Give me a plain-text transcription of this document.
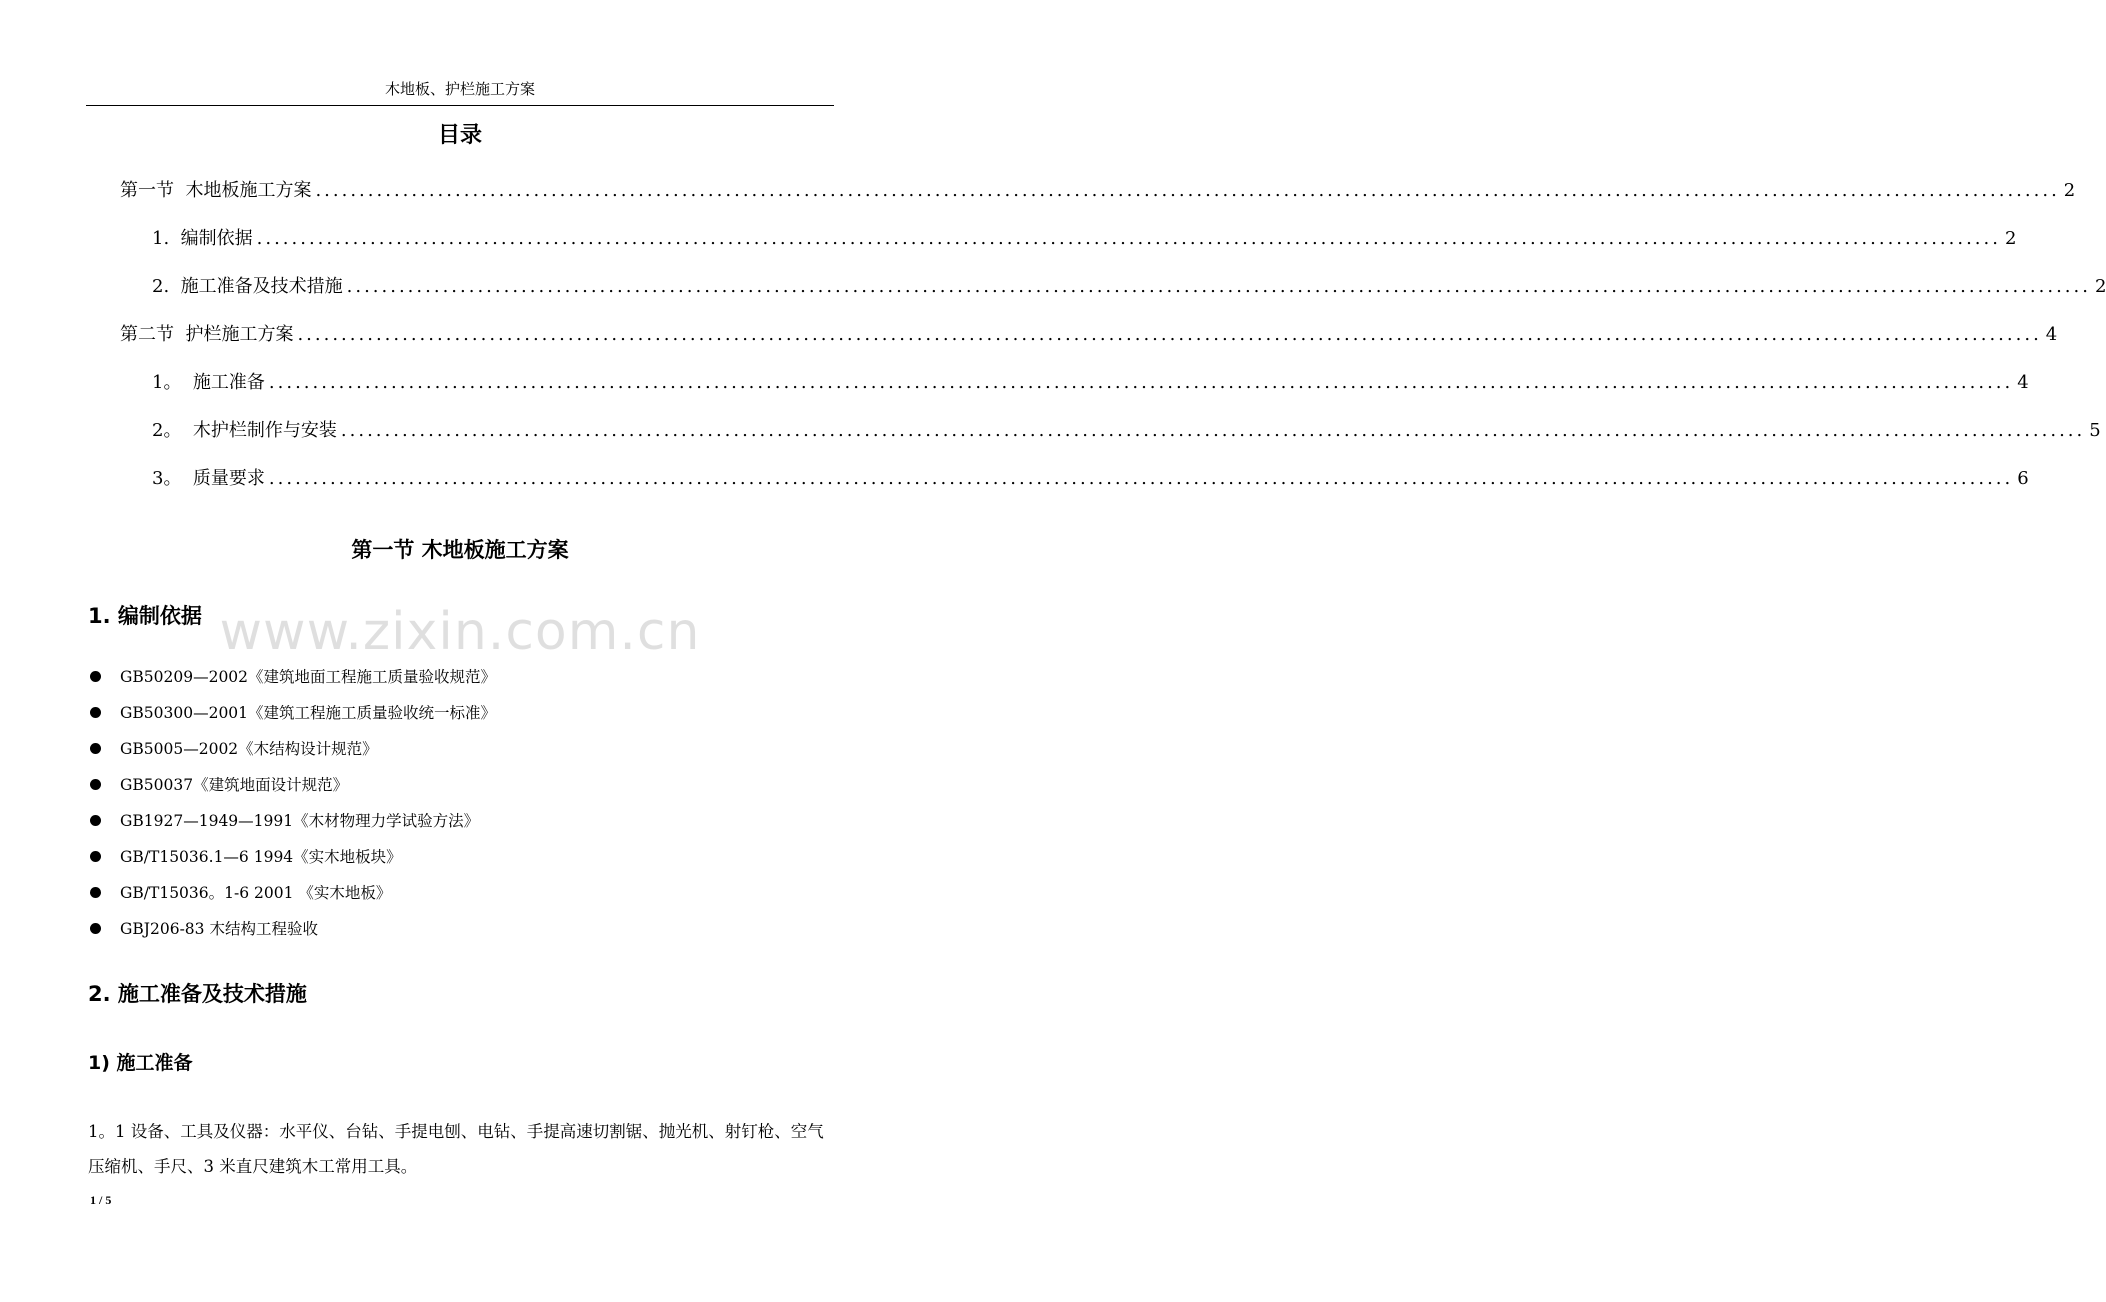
木地板、护栏施工方案
目录
第一节  木地板施工方案 ........................................................................................................................................................................................................ 2
1. 编制依据 ........................................................................................................................................................................................................ 2
2. 施工准备及技术措施 ........................................................................................................................................................................................................ 2
第二节  护栏施工方案 ........................................................................................................................................................................................................ 4
1。 施工准备 ........................................................................................................................................................................................................ 4
2。 木护栏制作与安装 ........................................................................................................................................................................................................ 5
3。 质量要求 ........................................................................................................................................................................................................ 6
第一节 木地板施工方案
www.zixin.com.cn
1. 编制依据
GB50209—2002《建筑地面工程施工质量验收规范》
GB50300—2001《建筑工程施工质量验收统一标准》
GB5005—2002《木结构设计规范》
GB50037《建筑地面设计规范》
GB1927—1949—1991《木材物理力学试验方法》
GB/T15036.1—6 1994《实木地板块》
GB/T15036。1-6 2001 《实木地板》
GBJ206-83 木结构工程验收
2. 施工准备及技术措施
1) 施工准备

1。1 设备、工具及仪器：水平仪、台钻、手提电刨、电钻、手提高速切割锯、抛光机、射钉枪、空气压缩机、手尺、3 米直尺建筑木工常用工具。

1 / 5
